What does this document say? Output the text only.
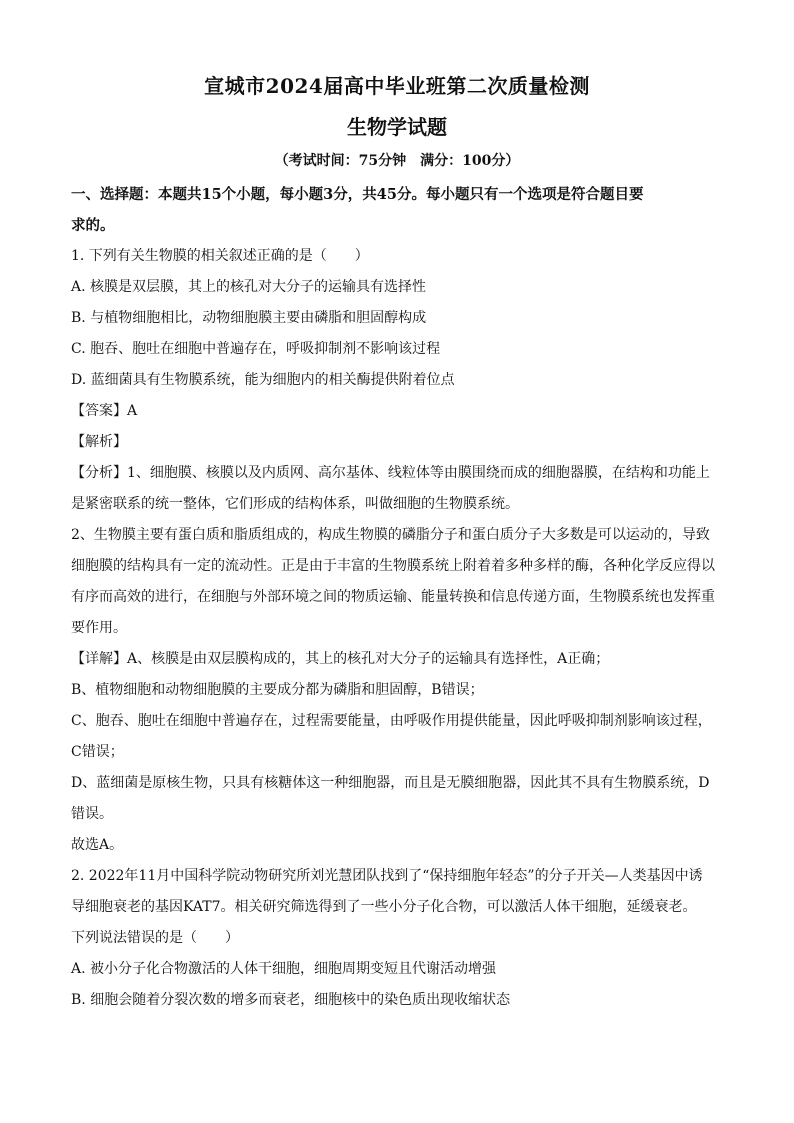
宣城市2024届高中毕业班第二次质量检测
生物学试题
（考试时间：75分钟　满分：100分）

一、选择题：本题共15个小题，每小题3分，共45分。每小题只有一个选项是符合题目要

求的。

1. 下列有关生物膜的相关叙述正确的是（　　）

A. 核膜是双层膜，其上的核孔对大分子的运输具有选择性

B. 与植物细胞相比，动物细胞膜主要由磷脂和胆固醇构成

C. 胞吞、胞吐在细胞中普遍存在，呼吸抑制剂不影响该过程

D. 蓝细菌具有生物膜系统，能为细胞内的相关酶提供附着位点

【答案】A

【解析】

【分析】1、细胞膜、核膜以及内质网、高尔基体、线粒体等由膜围绕而成的细胞器膜，在结构和功能上

是紧密联系的统一整体，它们形成的结构体系，叫做细胞的生物膜系统。

2、生物膜主要有蛋白质和脂质组成的，构成生物膜的磷脂分子和蛋白质分子大多数是可以运动的，导致

细胞膜的结构具有一定的流动性。正是由于丰富的生物膜系统上附着着多种多样的酶，各种化学反应得以

有序而高效的进行，在细胞与外部环境之间的物质运输、能量转换和信息传递方面，生物膜系统也发挥重

要作用。

【详解】A、核膜是由双层膜构成的，其上的核孔对大分子的运输具有选择性，A正确；

B、植物细胞和动物细胞膜的主要成分都为磷脂和胆固醇，B错误；

C、胞吞、胞吐在细胞中普遍存在，过程需要能量，由呼吸作用提供能量，因此呼吸抑制剂影响该过程，

C错误；

D、蓝细菌是原核生物，只具有核糖体这一种细胞器，而且是无膜细胞器，因此其不具有生物膜系统，D

错误。

故选A。

2. 2022年11月中国科学院动物研究所刘光慧团队找到了“保持细胞年轻态”的分子开关—人类基因中诱

导细胞衰老的基因KAT7。相关研究筛选得到了一些小分子化合物，可以激活人体干细胞，延缓衰老。

下列说法错误的是（　　）

A. 被小分子化合物激活的人体干细胞，细胞周期变短且代谢活动增强

B. 细胞会随着分裂次数的增多而衰老，细胞核中的染色质出现收缩状态
